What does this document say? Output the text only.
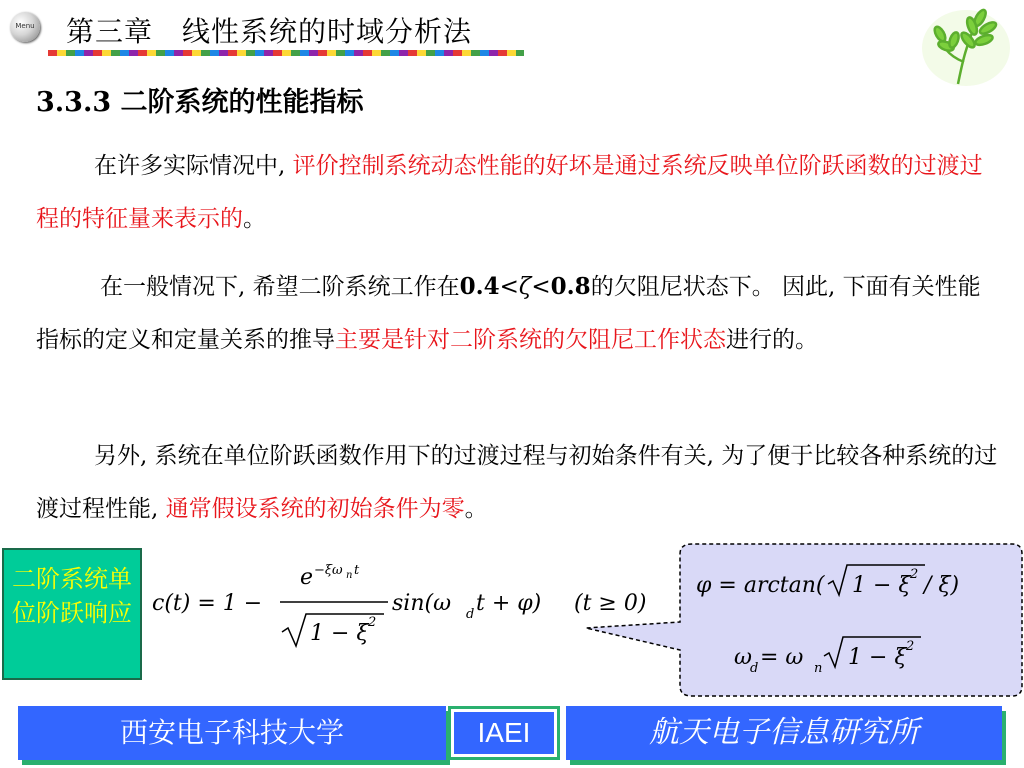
Menu 第三章　线性系统的时域分析法
3.3.3 二阶系统的性能指标
在许多实际情况中, 评价控制系统动态性能的好坏是通过系统反映单位阶跃函数的过渡过程的特征量来表示的。
在一般情况下, 希望二阶系统工作在0.4<ζ<0.8的欠阻尼状态下。 因此, 下面有关性能指标的定义和定量关系的推导主要是针对二阶系统的欠阻尼工作状态进行的。
另外, 系统在单位阶跃函数作用下的过渡过程与初始条件有关, 为了便于比较各种系统的过渡过程性能, 通常假设系统的初始条件为零。
二阶系统单位阶跃响应 c(t) = 1 −
e −ξω n t
1 − ξ 2
sin(ω d t + φ) (t ≥ 0)
φ = arctan( 1 − ξ 2 / ξ)
ω
d = ω n 1 − ξ 2
西安电子科技大学	IAEI	航天电子信息研究所
